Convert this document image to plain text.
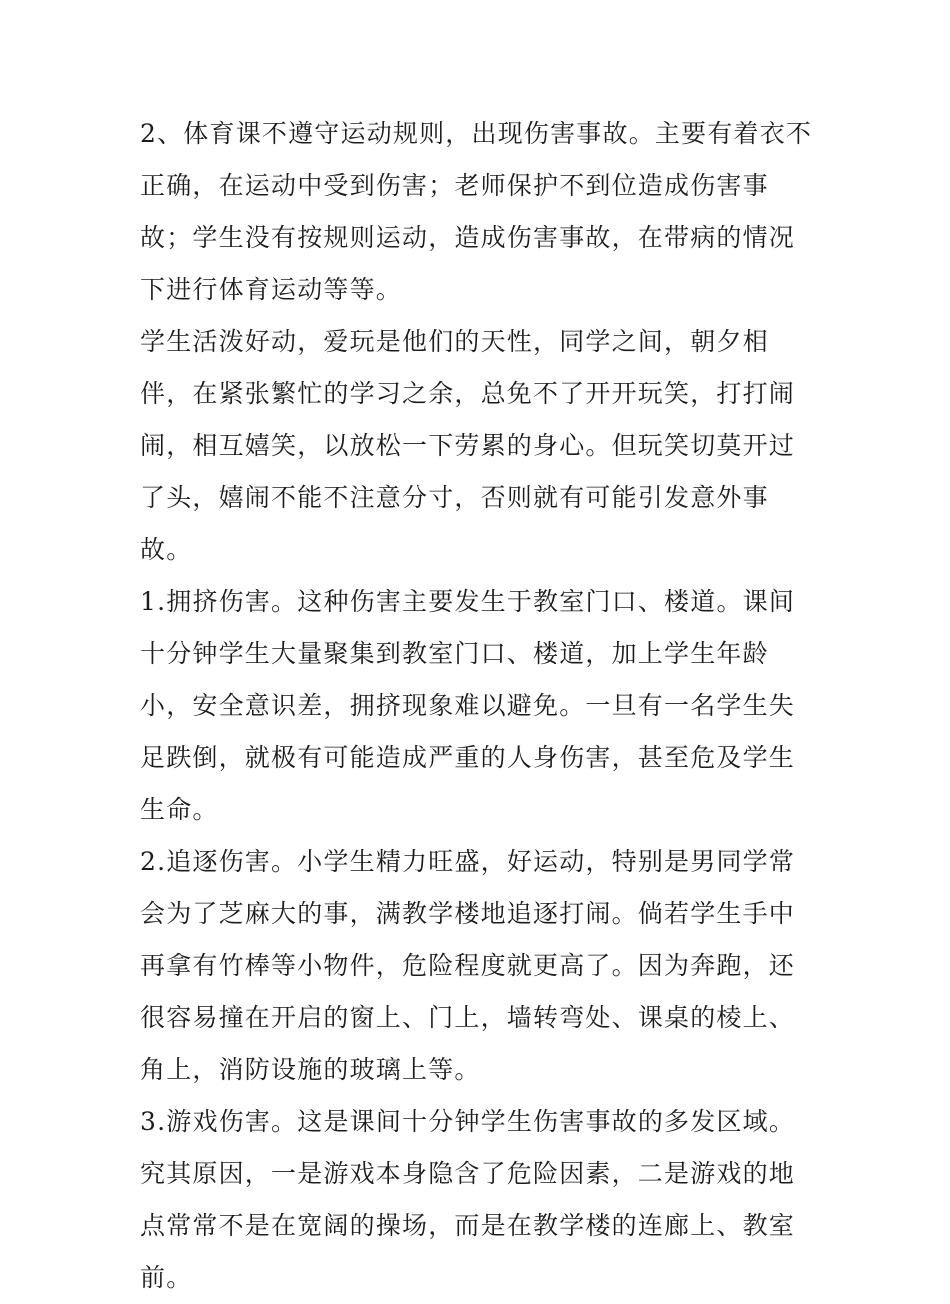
2、体育课不遵守运动规则，出现伤害事故。主要有着衣不正确，在运动中受到伤害；老师保护不到位造成伤害事故；学生没有按规则运动，造成伤害事故，在带病的情况下进行体育运动等等。

学生活泼好动，爱玩是他们的天性，同学之间，朝夕相伴，在紧张繁忙的学习之余，总免不了开开玩笑，打打闹闹，相互嬉笑，以放松一下劳累的身心。但玩笑切莫开过了头，嬉闹不能不注意分寸，否则就有可能引发意外事故。

1.拥挤伤害。这种伤害主要发生于教室门口、楼道。课间十分钟学生大量聚集到教室门口、楼道，加上学生年龄小，安全意识差，拥挤现象难以避免。一旦有一名学生失足跌倒，就极有可能造成严重的人身伤害，甚至危及学生生命。

2.追逐伤害。小学生精力旺盛，好运动，特别是男同学常会为了芝麻大的事，满教学楼地追逐打闹。倘若学生手中再拿有竹棒等小物件，危险程度就更高了。因为奔跑，还很容易撞在开启的窗上、门上，墙转弯处、课桌的棱上、角上，消防设施的玻璃上等。

3.游戏伤害。这是课间十分钟学生伤害事故的多发区域。究其原因，一是游戏本身隐含了危险因素，二是游戏的地点常常不是在宽阔的操场，而是在教学楼的连廊上、教室前。
